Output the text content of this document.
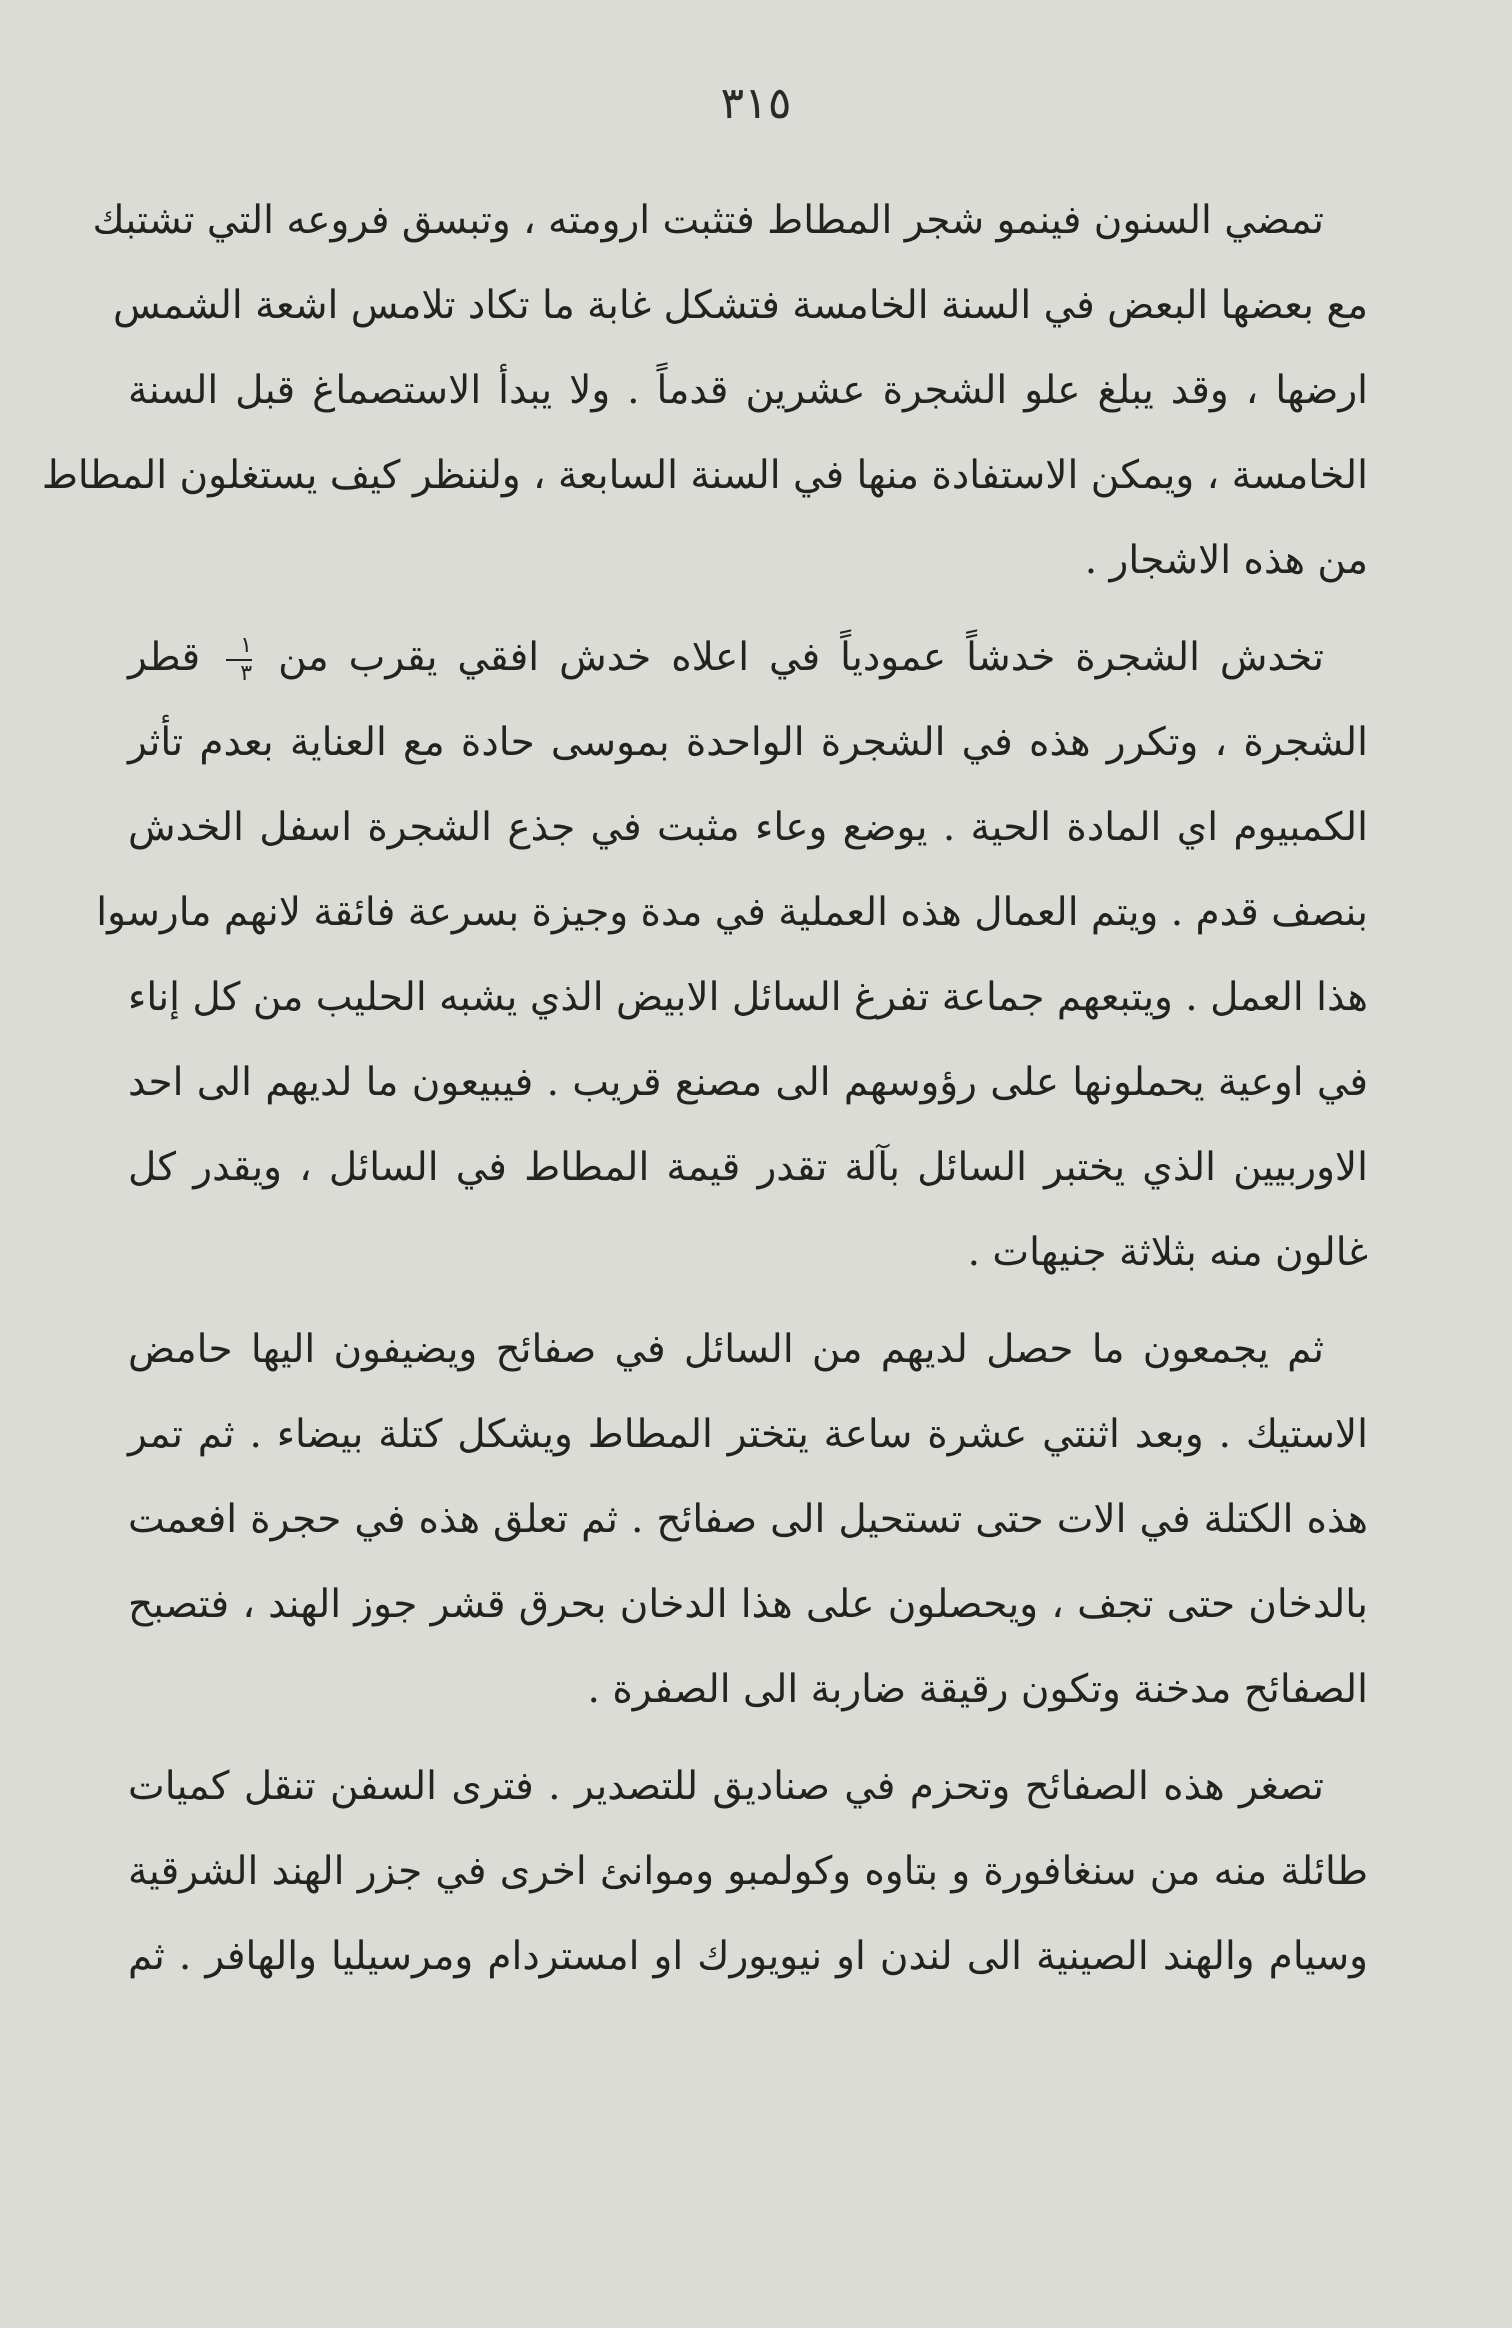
٣١٥
تمضي السنون فينمو شجر المطاط فتثبت ارومته ، وتبسق فروعه التي تشتبك
مع بعضها البعض في السنة الخامسة فتشكل غابة ما تكاد تلامس اشعة الشمس
ارضها ، وقد يبلغ علو الشجرة عشرين قدماً . ولا يبدأ الاستصماغ قبل السنة
الخامسة ، ويمكن الاستفادة منها في السنة السابعة ، ولننظر كيف يستغلون المطاط
من هذه الاشجار .
تخدش الشجرة خدشاً عمودياً في اعلاه خدش افقي يقرب من
$\frac{١}{٣}$
قطر
الشجرة ، وتكرر هذه في الشجرة الواحدة بموسى حادة مع العناية بعدم تأثر
الكمبيوم اي المادة الحية . يوضع وعاء مثبت في جذع الشجرة اسفل الخدش
بنصف قدم . ويتم العمال هذه العملية في مدة وجيزة بسرعة فائقة لانهم مارسوا
هذا العمل . ويتبعهم جماعة تفرغ السائل الابيض الذي يشبه الحليب من كل إناء
في اوعية يحملونها على رؤوسهم الى مصنع قريب . فيبيعون ما لديهم الى احد
الاوربيين الذي يختبر السائل بآلة تقدر قيمة المطاط في السائل ، ويقدر كل
غالون منه بثلاثة جنيهات .
ثم يجمعون ما حصل لديهم من السائل في صفائح ويضيفون اليها حامض
الاستيك . وبعد اثنتي عشرة ساعة يتختر المطاط ويشكل كتلة بيضاء . ثم تمر
هذه الكتلة في الات حتى تستحيل الى صفائح . ثم تعلق هذه في حجرة افعمت
بالدخان حتى تجف ، ويحصلون على هذا الدخان بحرق قشر جوز الهند ، فتصبح
الصفائح مدخنة وتكون رقيقة ضاربة الى الصفرة .
تصغر هذه الصفائح وتحزم في صناديق للتصدير . فترى السفن تنقل كميات
طائلة منه من سنغافورة و بتاوه وكولمبو وموانئ اخرى في جزر الهند الشرقية
وسيام والهند الصينية الى لندن او نيويورك او امستردام ومرسيليا والهافر . ثم
